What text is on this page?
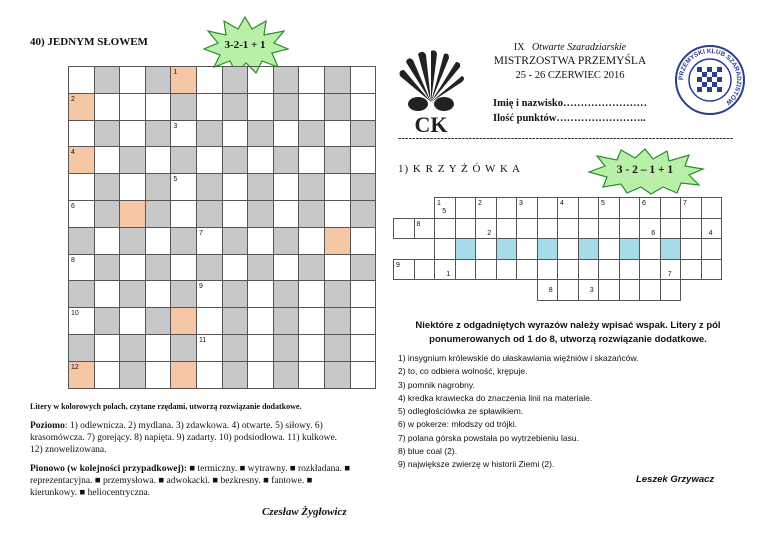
40) JEDNYM SŁOWEM	3-2-1 + 1
1
2
3
4
5
6
7
8
9
10
11
12
Litery w kolorowych polach, czytane rzędami, utworzą rozwiązanie dodatkowe.
Poziomo: 1) odlewnicza. 2) mydlana. 3) zdawkowa. 4) otwarte. 5) siłowy. 6) krasomówcza. 7) gorejący. 8) napięta. 9) zadarty. 10) podsiodłowa. 11) kulkowe. 12) znowelizowana.
Pionowo (w kolejności przypadkowej): ■ termiczny. ■ wytrawny. ■ rozkładana. ■ reprezentacyjna. ■ przemysłowa. ■ adwokacki. ■ bezkresny. ■ fantowe. ■ kierunkowy. ■ heliocentryczna.
Czesław Żygłowicz
CK
IX Otwarte Szaradziarskie
MISTRZOSTWA PRZEMYŚLA
25 - 26 CZERWIEC 2016
Imię i nazwisko……………………
Ilość punktów……………………..
PRZEMYSKI KLUB SZARADZISTÓW
-----------------------------------------------------------------------------------------------
1) K R Z Y Ż Ó W K A	3 - 2 – 1 + 1
1	2	3	4	5	6	7
8
9
5
2	6	4
1	7
8	3
Niektóre z odgadniętych wyrazów należy wpisać wspak. Litery z pól ponumerowanych od 1 do 8, utworzą rozwiązanie dodatkowe.
1) insygnium królewskie do ułaskawiania więźniów i skazańców.
2) to, co odbiera wolność, krępuje.
3) pomnik nagrobny.
4) kredka krawiecka do znaczenia linii na materiale.
5) odległościówka ze spławikiem.
6) w pokerze: młodszy od trójki.
7) polana górska powstała po wytrzebieniu lasu.
8) blue coal (2).
9) największe zwierzę w historii Ziemi (2).
Leszek Grzywacz
